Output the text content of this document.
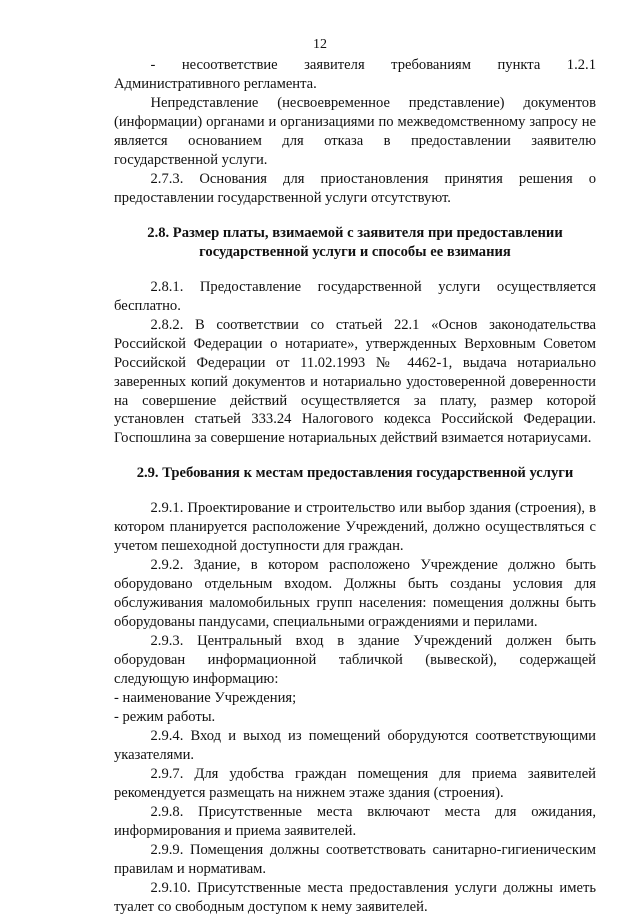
12

- несоответствие заявителя требованиям пункта 1.2.1 Административного регламента.

Непредставление (несвоевременное представление) документов (информации) органами и организациями по межведомственному запросу не является основанием для отказа в предоставлении заявителю государственной услуги.

2.7.3. Основания для приостановления принятия решения о предоставлении государственной услуги отсутствуют.

2.8. Размер платы, взимаемой с заявителя при предоставлении
государственной услуги и способы ее взимания

2.8.1. Предоставление государственной услуги осуществляется бесплатно.

2.8.2. В соответствии со статьей 22.1 «Основ законодательства Российской Федерации о нотариате», утвержденных Верховным Советом Российской Федерации от 11.02.1993 № 4462-1, выдача нотариально заверенных копий документов и нотариально удостоверенной доверенности на совершение действий осуществляется за плату, размер которой установлен статьей 333.24 Налогового кодекса Российской Федерации. Госпошлина за совершение нотариальных действий взимается нотариусами.

2.9. Требования к местам предоставления государственной услуги

2.9.1. Проектирование и строительство или выбор здания (строения), в котором планируется расположение Учреждений, должно осуществляться с учетом пешеходной доступности для граждан.

2.9.2. Здание, в котором расположено Учреждение должно быть оборудовано отдельным входом. Должны быть созданы условия для обслуживания маломобильных групп населения: помещения должны быть оборудованы пандусами, специальными ограждениями и перилами.

2.9.3. Центральный вход в здание Учреждений должен быть оборудован информационной табличкой (вывеской), содержащей следующую информацию:

- наименование Учреждения;

- режим работы.

2.9.4. Вход и выход из помещений оборудуются соответствующими указателями.

2.9.7. Для удобства граждан помещения для приема заявителей рекомендуется размещать на нижнем этаже здания (строения).

2.9.8. Присутственные места включают места для ожидания, информирования и приема заявителей.

2.9.9. Помещения должны соответствовать санитарно-гигиеническим правилам и нормативам.

2.9.10. Присутственные места предоставления услуги должны иметь туалет со свободным доступом к нему заявителей.
